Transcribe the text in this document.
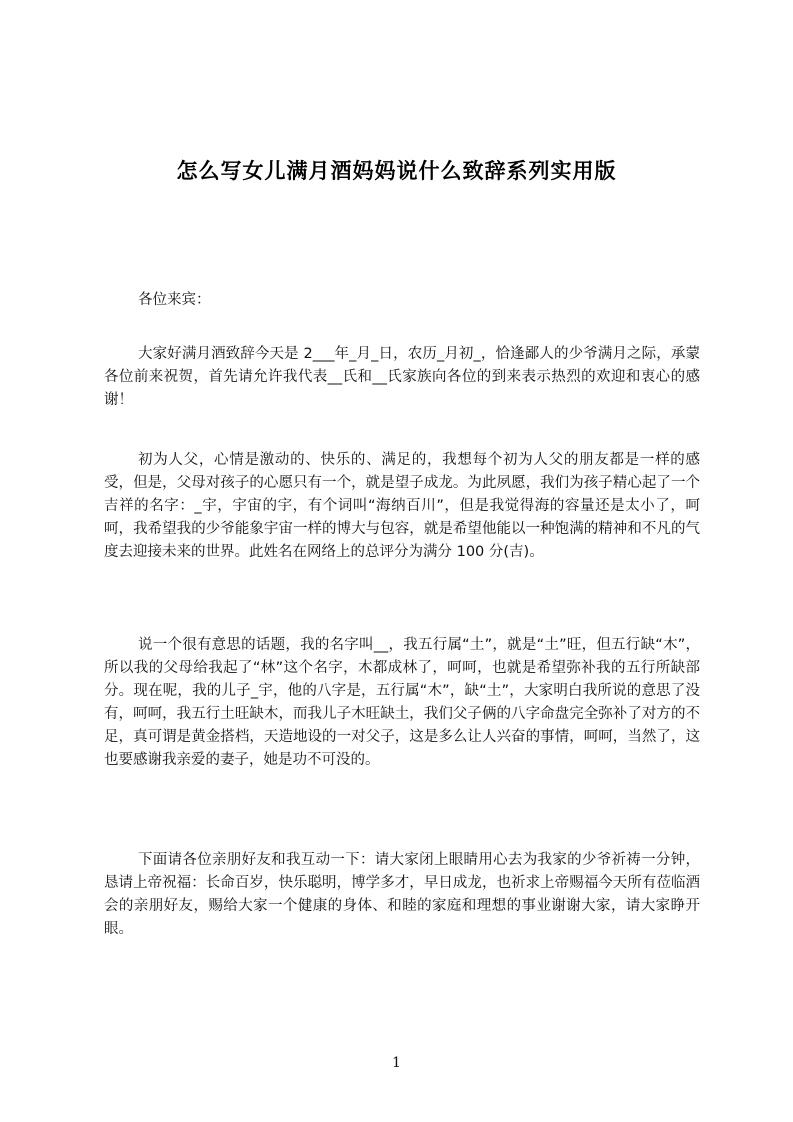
怎么写女儿满月酒妈妈说什么致辞系列实用版

各位来宾：

大家好满月酒致辞今天是 2___年_月_日，农历_月初_，恰逢鄙人的少爷满月之际，承蒙各位前来祝贺，首先请允许我代表__氏和__氏家族向各位的到来表示热烈的欢迎和衷心的感谢！

初为人父，心情是激动的、快乐的、满足的，我想每个初为人父的朋友都是一样的感受，但是，父母对孩子的心愿只有一个，就是望子成龙。为此夙愿，我们为孩子精心起了一个吉祥的名字：_宇，宇宙的宇，有个词叫“海纳百川”，但是我觉得海的容量还是太小了，呵呵，我希望我的少爷能象宇宙一样的博大与包容，就是希望他能以一种饱满的精神和不凡的气度去迎接未来的世界。此姓名在网络上的总评分为满分 100 分(吉)。

说一个很有意思的话题，我的名字叫__，我五行属“土”，就是“土”旺，但五行缺“木”，所以我的父母给我起了“林”这个名字，木都成林了，呵呵，也就是希望弥补我的五行所缺部分。现在呢，我的儿子_宇，他的八字是，五行属“木”，缺“土”，大家明白我所说的意思了没有，呵呵，我五行土旺缺木，而我儿子木旺缺土，我们父子俩的八字命盘完全弥补了对方的不足，真可谓是黄金搭档，天造地设的一对父子，这是多么让人兴奋的事情，呵呵，当然了，这也要感谢我亲爱的妻子，她是功不可没的。

下面请各位亲朋好友和我互动一下：请大家闭上眼睛用心去为我家的少爷祈祷一分钟，恳请上帝祝福：长命百岁，快乐聪明，博学多才，早日成龙，也祈求上帝赐福今天所有莅临酒会的亲朋好友，赐给大家一个健康的身体、和睦的家庭和理想的事业谢谢大家，请大家睁开眼。

1
